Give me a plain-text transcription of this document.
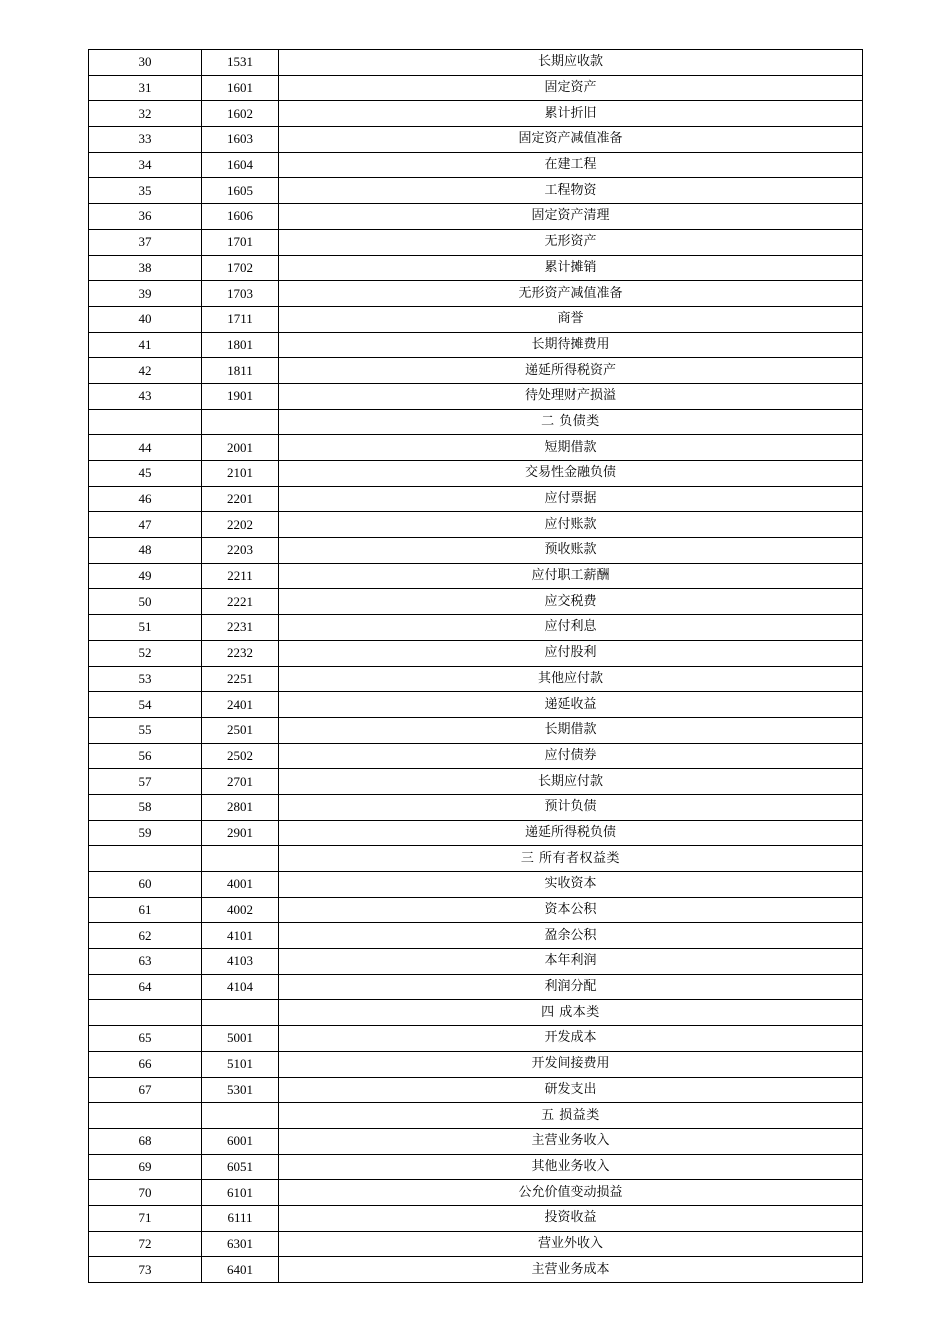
30	1531	长期应收款
31	1601	固定资产
32	1602	累计折旧
33	1603	固定资产减值准备
34	1604	在建工程
35	1605	工程物资
36	1606	固定资产清理
37	1701	无形资产
38	1702	累计摊销
39	1703	无形资产减值准备
40	1711	商誉
41	1801	长期待摊费用
42	1811	递延所得税资产
43	1901	待处理财产损溢
		二 负债类
44	2001	短期借款
45	2101	交易性金融负债
46	2201	应付票据
47	2202	应付账款
48	2203	预收账款
49	2211	应付职工薪酬
50	2221	应交税费
51	2231	应付利息
52	2232	应付股利
53	2251	其他应付款
54	2401	递延收益
55	2501	长期借款
56	2502	应付债券
57	2701	长期应付款
58	2801	预计负债
59	2901	递延所得税负债
		三 所有者权益类
60	4001	实收资本
61	4002	资本公积
62	4101	盈余公积
63	4103	本年利润
64	4104	利润分配
		四 成本类
65	5001	开发成本
66	5101	开发间接费用
67	5301	研发支出
		五 损益类
68	6001	主营业务收入
69	6051	其他业务收入
70	6101	公允价值变动损益
71	6111	投资收益
72	6301	营业外收入
73	6401	主营业务成本
